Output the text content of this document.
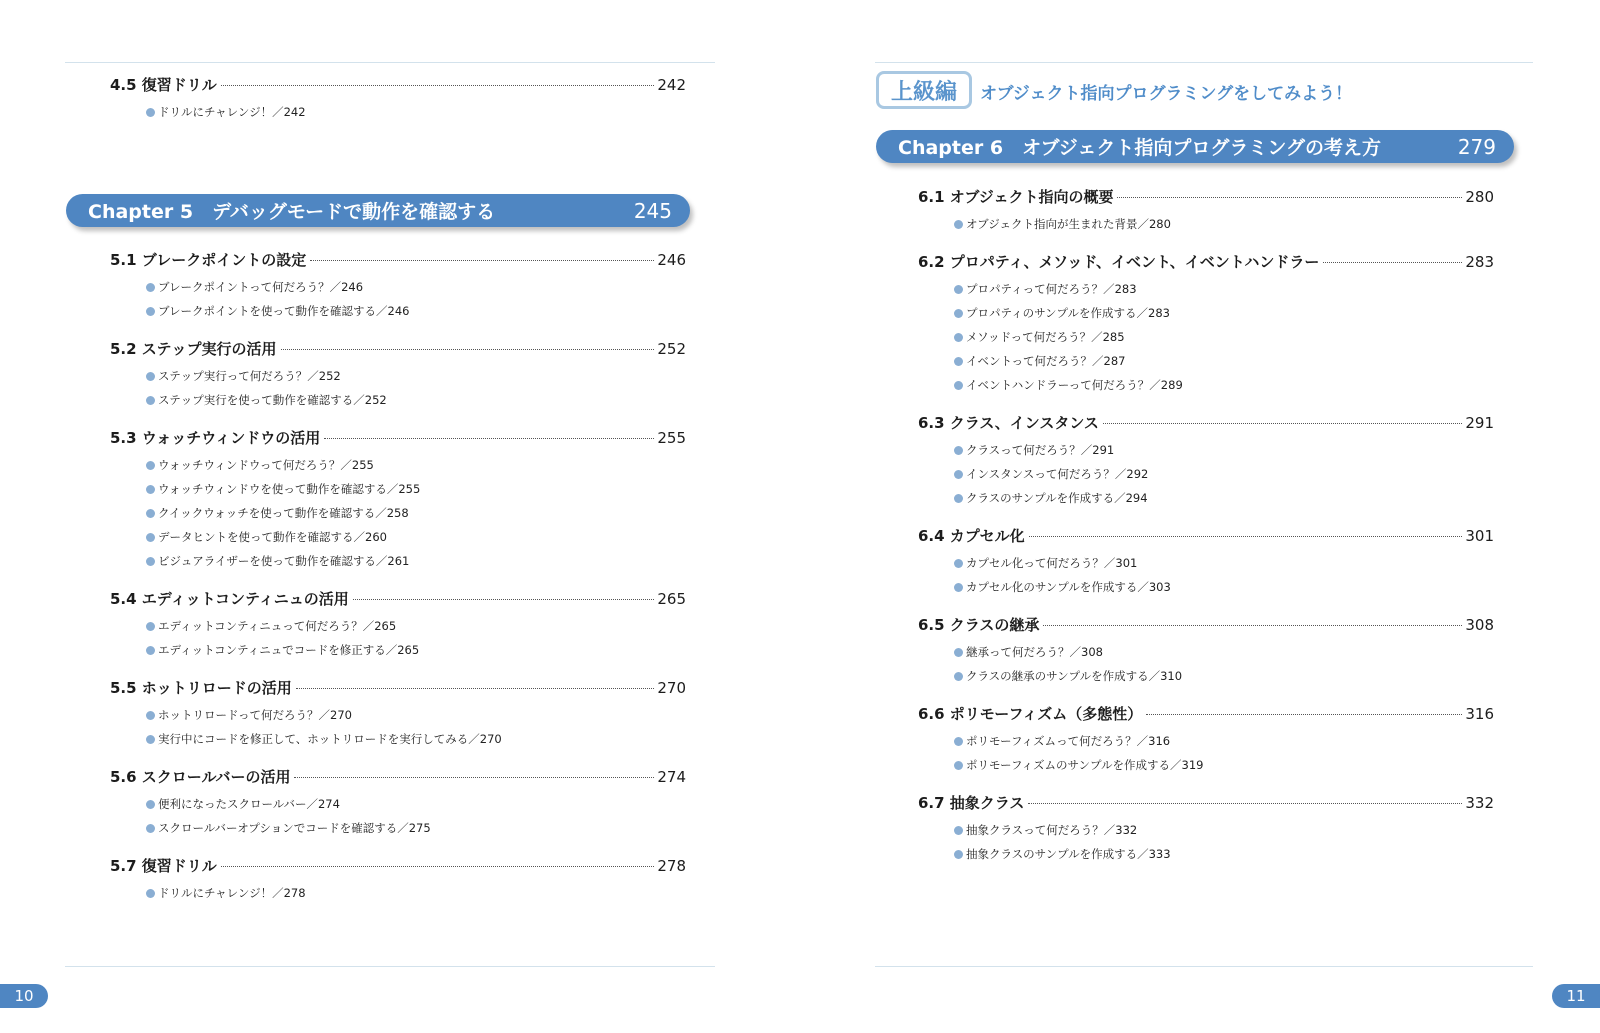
4.5 復習ドリル	242
ドリルにチャレンジ！／242
Chapter 5　デバッグモードで動作を確認する	245
5.1 ブレークポイントの設定	246
ブレークポイントって何だろう？／246
ブレークポイントを使って動作を確認する／246
5.2 ステップ実行の活用	252
ステップ実行って何だろう？／252
ステップ実行を使って動作を確認する／252
5.3 ウォッチウィンドウの活用	255
ウォッチウィンドウって何だろう？／255
ウォッチウィンドウを使って動作を確認する／255
クイックウォッチを使って動作を確認する／258
データヒントを使って動作を確認する／260
ビジュアライザーを使って動作を確認する／261
5.4 エディットコンティニュの活用	265
エディットコンティニュって何だろう？／265
エディットコンティニュでコードを修正する／265
5.5 ホットリロードの活用	270
ホットリロードって何だろう？／270
実行中にコードを修正して、ホットリロードを実行してみる／270
5.6 スクロールバーの活用	274
便利になったスクロールバー／274
スクロールバーオプションでコードを確認する／275
5.7 復習ドリル	278
ドリルにチャレンジ！／278
10
上級編 オブジェクト指向プログラミングをしてみよう！
Chapter 6　オブジェクト指向プログラミングの考え方	279
6.1 オブジェクト指向の概要	280
オブジェクト指向が生まれた背景／280
6.2 プロパティ、メソッド、イベント、イベントハンドラー	283
プロパティって何だろう？／283
プロパティのサンプルを作成する／283
メソッドって何だろう？／285
イベントって何だろう？／287
イベントハンドラーって何だろう？／289
6.3 クラス、インスタンス	291
クラスって何だろう？／291
インスタンスって何だろう？／292
クラスのサンプルを作成する／294
6.4 カプセル化	301
カプセル化って何だろう？／301
カプセル化のサンプルを作成する／303
6.5 クラスの継承	308
継承って何だろう？／308
クラスの継承のサンプルを作成する／310
6.6 ポリモーフィズム（多態性）	316
ポリモーフィズムって何だろう？／316
ポリモーフィズムのサンプルを作成する／319
6.7 抽象クラス	332
抽象クラスって何だろう？／332
抽象クラスのサンプルを作成する／333
11
